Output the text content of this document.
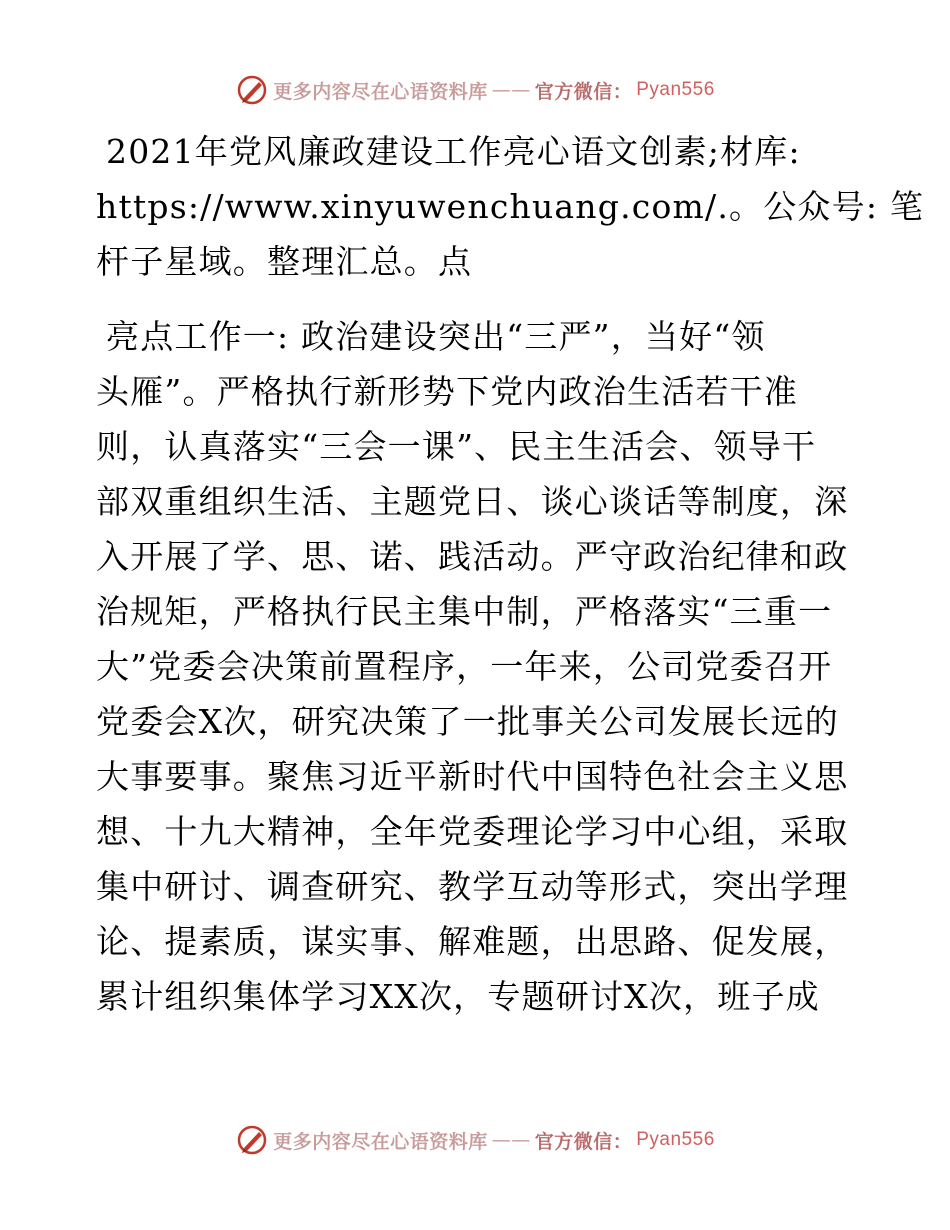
更多内容尽在心语资料库 —— 官方微信： Pyan556
2021年党风廉政建设工作亮心语文创素;材库:
https://www.xinyuwenchuang.com/.。公众号: 笔
杆子星域。整理汇总。点
亮点工作一: 政治建设突出“三严”，当好“领
头雁”。严格执行新形势下党内政治生活若干准
则，认真落实“三会一课”、民主生活会、领导干
部双重组织生活、主题党日、谈心谈话等制度，深
入开展了学、思、诺、践活动。严守政治纪律和政
治规矩，严格执行民主集中制，严格落实“三重一
大”党委会决策前置程序，一年来，公司党委召开
党委会X次，研究决策了一批事关公司发展长远的
大事要事。聚焦习近平新时代中国特色社会主义思
想、十九大精神，全年党委理论学习中心组，采取
集中研讨、调查研究、教学互动等形式，突出学理
论、提素质，谋实事、解难题，出思路、促发展，
累计组织集体学习XX次，专题研讨X次，班子成
更多内容尽在心语资料库 —— 官方微信： Pyan556
